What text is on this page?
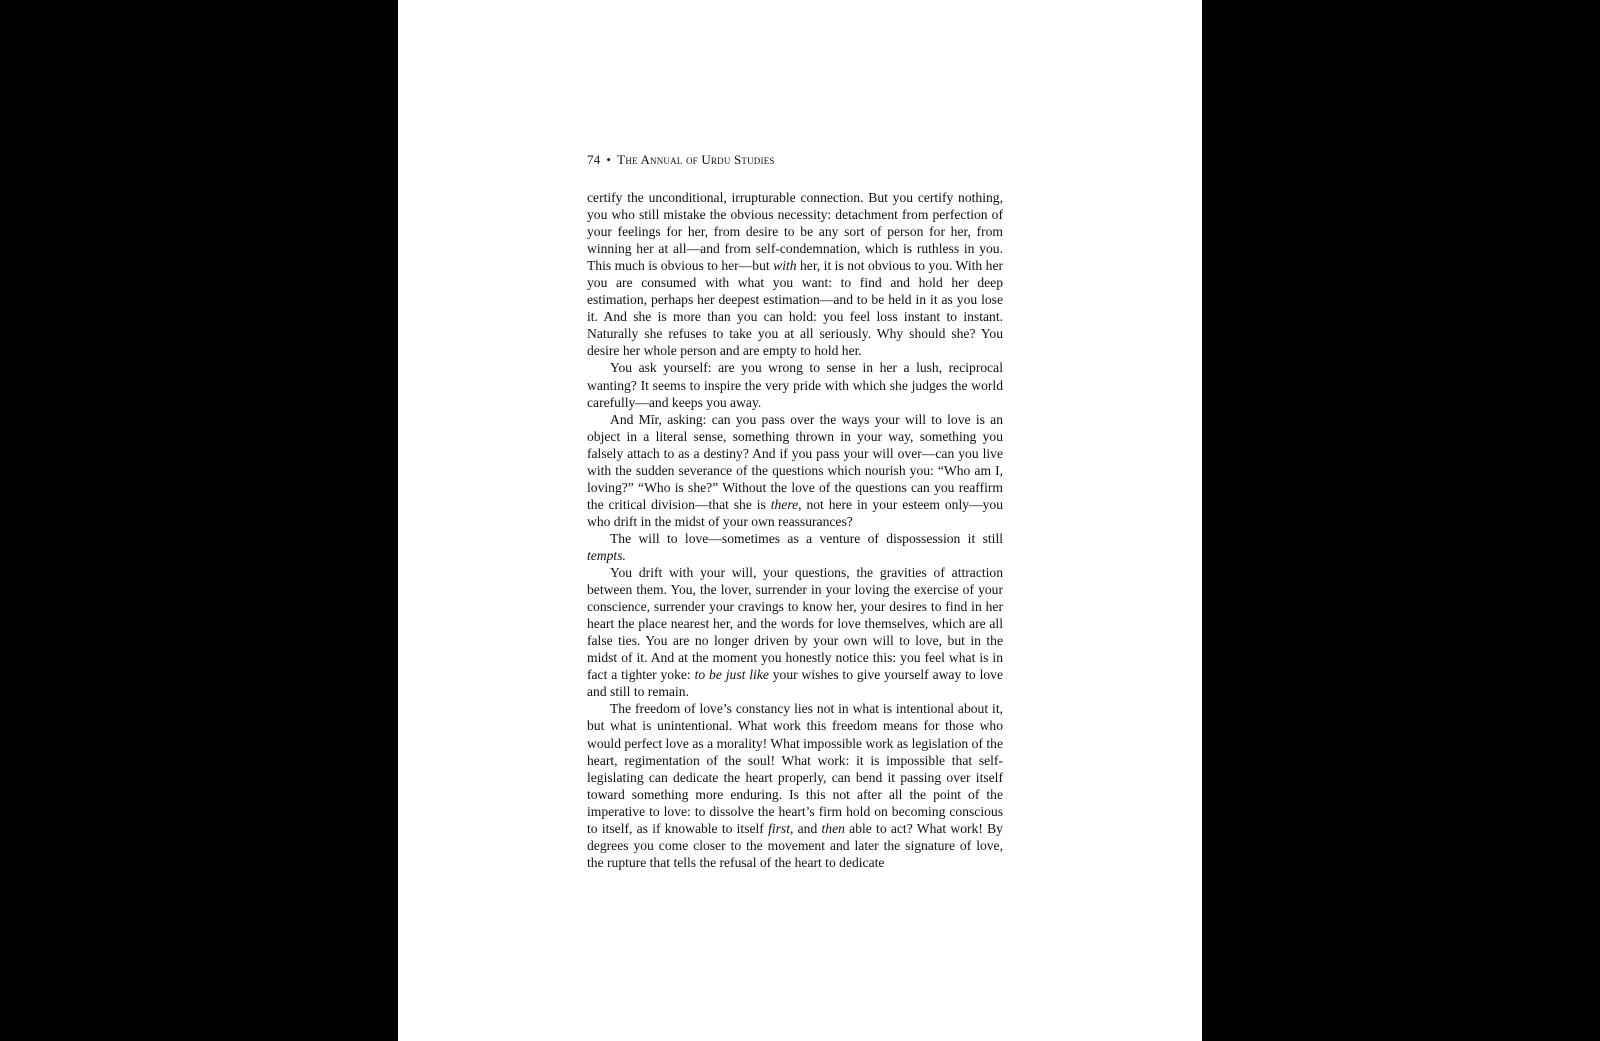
74 • The Annual of Urdu Studies

certify the unconditional, irrupturable connection. But you certify nothing, you who still mistake the obvious necessity: detachment from perfection of your feelings for her, from desire to be any sort of person for her, from winning her at all—and from self-condemnation, which is ruthless in you. This much is obvious to her—but with her, it is not obvious to you. With her you are consumed with what you want: to find and hold her deep estimation, perhaps her deepest estimation—and to be held in it as you lose it. And she is more than you can hold: you feel loss instant to instant. Naturally she refuses to take you at all seriously. Why should she? You desire her whole person and are empty to hold her.

You ask yourself: are you wrong to sense in her a lush, reciprocal wanting? It seems to inspire the very pride with which she judges the world carefully—and keeps you away.

And Mīr, asking: can you pass over the ways your will to love is an object in a literal sense, something thrown in your way, something you falsely attach to as a destiny? And if you pass your will over—can you live with the sudden severance of the questions which nourish you: “Who am I, loving?” “Who is she?” Without the love of the questions can you reaffirm the critical division—that she is there, not here in your esteem only—you who drift in the midst of your own reassurances?

The will to love—sometimes as a venture of dispossession it still tempts.

You drift with your will, your questions, the gravities of attraction between them. You, the lover, surrender in your loving the exercise of your conscience, surrender your cravings to know her, your desires to find in her heart the place nearest her, and the words for love themselves, which are all false ties. You are no longer driven by your own will to love, but in the midst of it. And at the moment you honestly notice this: you feel what is in fact a tighter yoke: to be just like your wishes to give yourself away to love and still to remain.

The freedom of love’s constancy lies not in what is intentional about it, but what is unintentional. What work this freedom means for those who would perfect love as a morality! What impossible work as legislation of the heart, regimentation of the soul! What work: it is impossible that self-legislating can dedicate the heart properly, can bend it passing over itself toward something more enduring. Is this not after all the point of the imperative to love: to dissolve the heart’s firm hold on becoming conscious to itself, as if knowable to itself first, and then able to act? What work! By degrees you come closer to the movement and later the signature of love, the rupture that tells the refusal of the heart to dedicate
